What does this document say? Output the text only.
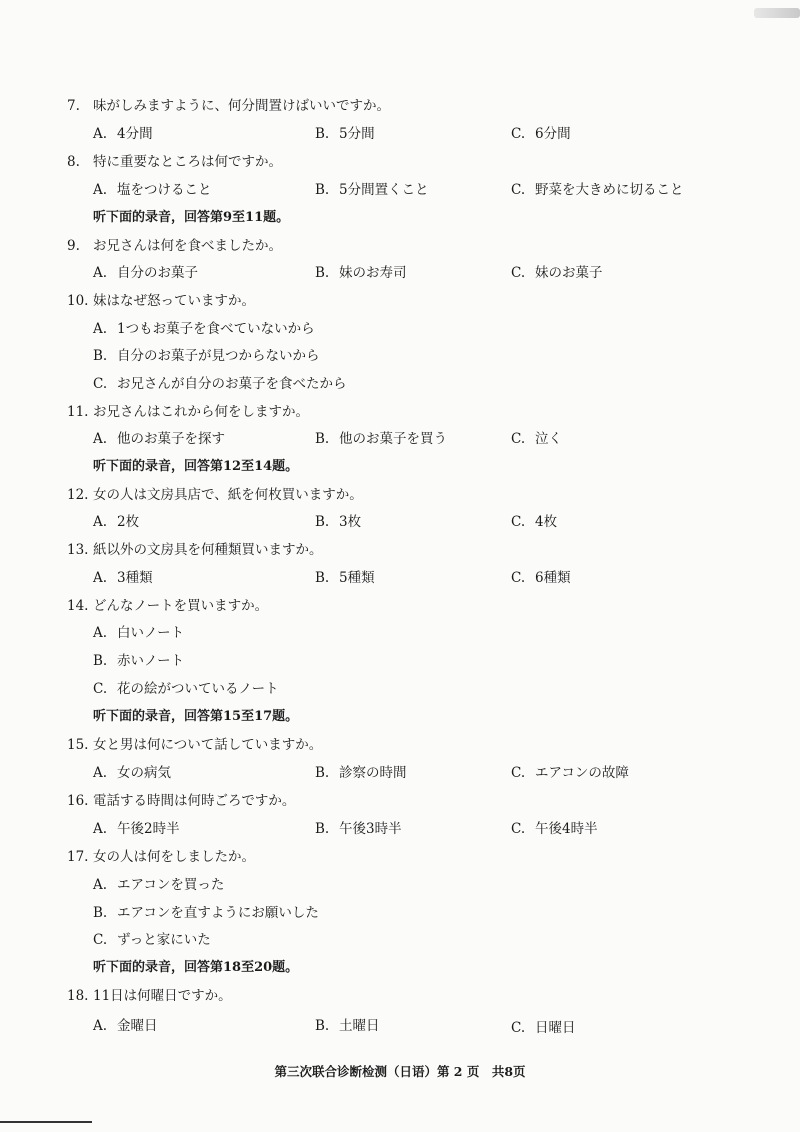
7. 味がしみますように、何分間置けばいいですか。
A. 4分間	B. 5分間	C. 6分間
8. 特に重要なところは何ですか。
A. 塩をつけること	B. 5分間置くこと	C. 野菜を大きめに切ること
听下面的录音，回答第9至11题。
9. お兄さんは何を食べましたか。
A. 自分のお菓子	B. 妹のお寿司	C. 妹のお菓子
10. 妹はなぜ怒っていますか。
A. 1つもお菓子を食べていないから
B. 自分のお菓子が見つからないから
C. お兄さんが自分のお菓子を食べたから
11. お兄さんはこれから何をしますか。
A. 他のお菓子を探す	B. 他のお菓子を買う	C. 泣く
听下面的录音，回答第12至14题。
12. 女の人は文房具店で、紙を何枚買いますか。
A. 2枚	B. 3枚	C. 4枚
13. 紙以外の文房具を何種類買いますか。
A. 3種類	B. 5種類	C. 6種類
14. どんなノートを買いますか。
A. 白いノート
B. 赤いノート
C. 花の絵がついているノート
听下面的录音，回答第15至17题。
15. 女と男は何について話していますか。
A. 女の病気	B. 診察の時間	C. エアコンの故障
16. 電話する時間は何時ごろですか。
A. 午後2時半	B. 午後3時半	C. 午後4時半
17. 女の人は何をしましたか。
A. エアコンを買った
B. エアコンを直すようにお願いした
C. ずっと家にいた
听下面的录音，回答第18至20题。
18. 11日は何曜日ですか。
A. 金曜日	B. 土曜日	C. 日曜日
第三次联合诊断检测（日语）第 2 页　共8页
